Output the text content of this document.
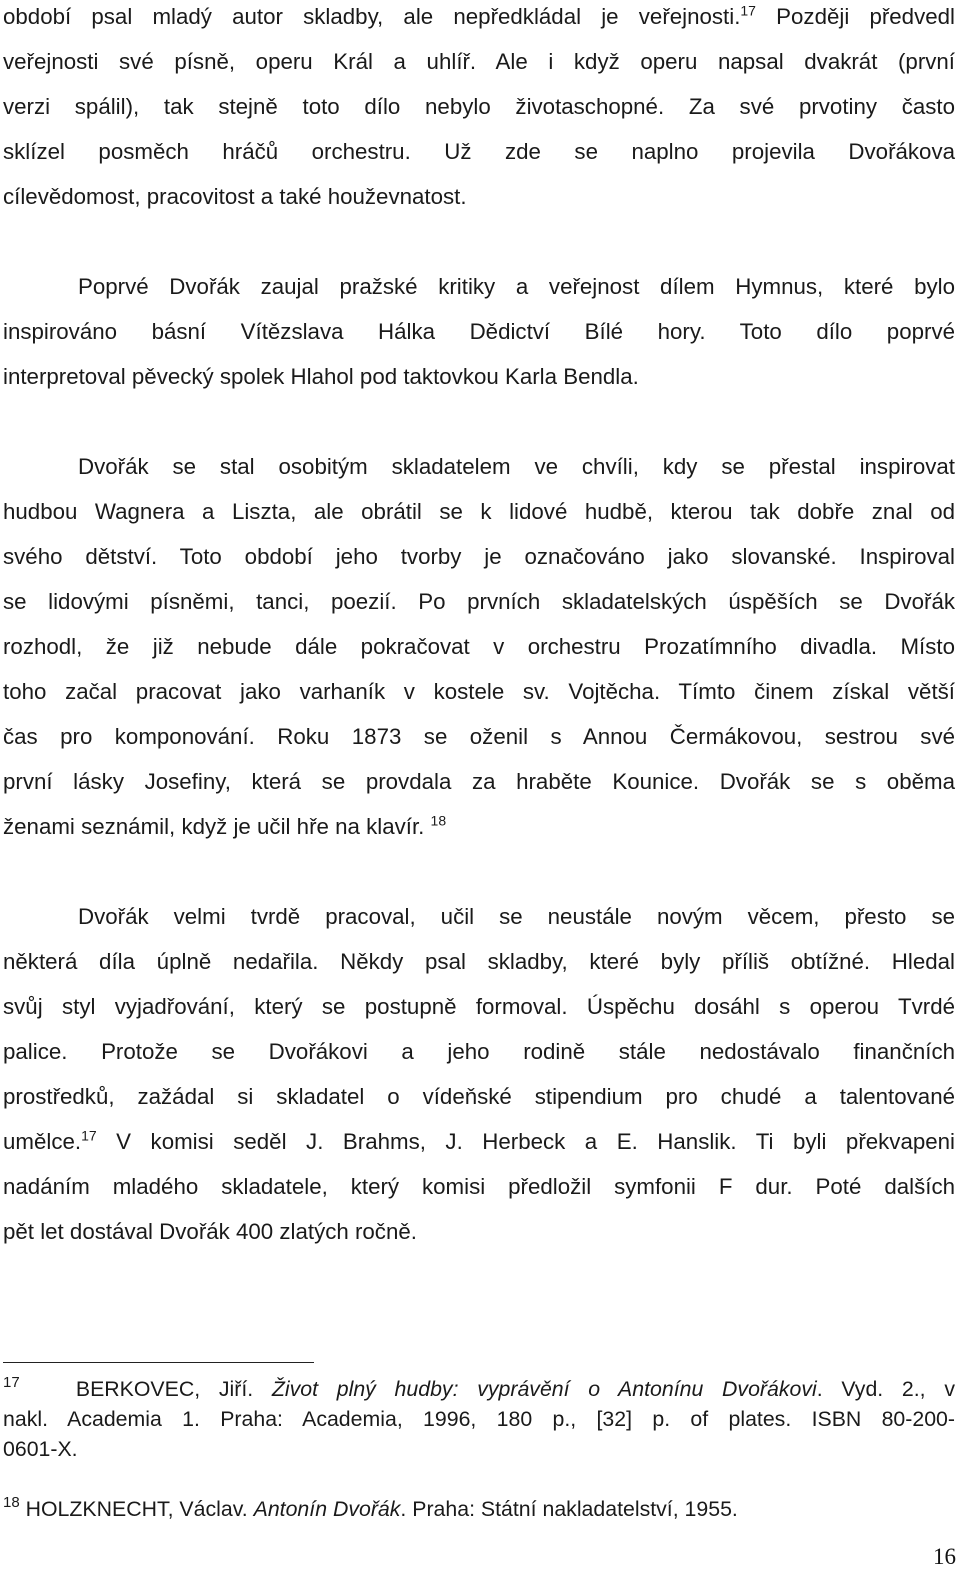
období psal mladý autor skladby, ale nepředkládal je veřejnosti.$^{17}$ Později předvedl
veřejnosti své písně, operu Král a uhlíř. Ale i když operu napsal dvakrát (první
verzi spálil), tak stejně toto dílo nebylo životaschopné. Za své prvotiny často
sklízel posměch hráčů orchestru. Už zde se naplno projevila Dvořákova
cílevědomost, pracovitost a také houževnatost.
Poprvé Dvořák zaujal pražské kritiky a veřejnost dílem Hymnus, které bylo
inspirováno básní Vítězslava Hálka Dědictví Bílé hory. Toto dílo poprvé
interpretoval pěvecký spolek Hlahol pod taktovkou Karla Bendla.
Dvořák se stal osobitým skladatelem ve chvíli, kdy se přestal inspirovat
hudbou Wagnera a Liszta, ale obrátil se k lidové hudbě, kterou tak dobře znal od
svého dětství. Toto období jeho tvorby je označováno jako slovanské. Inspiroval
se lidovými písněmi, tanci, poezií. Po prvních skladatelských úspěších se Dvořák
rozhodl, že již nebude dále pokračovat v orchestru Prozatímního divadla. Místo
toho začal pracovat jako varhaník v kostele sv. Vojtěcha. Tímto činem získal větší
čas pro komponování. Roku 1873 se oženil s Annou Čermákovou, sestrou své
první lásky Josefiny, která se provdala za hraběte Kounice. Dvořák se s oběma
ženami seznámil, když je učil hře na klavír. $^{18}$
Dvořák velmi tvrdě pracoval, učil se neustále novým věcem, přesto se
některá díla úplně nedařila. Někdy psal skladby, které byly příliš obtížné. Hledal
svůj styl vyjadřování, který se postupně formoval. Úspěchu dosáhl s operou Tvrdé
palice. Protože se Dvořákovi a jeho rodině stále nedostávalo finančních
prostředků, zažádal si skladatel o vídeňské stipendium pro chudé a talentované
umělce.$^{17}$ V komisi seděl J. Brahms, J. Herbeck a E. Hanslik. Ti byli překvapeni
nadáním mladého skladatele, který komisi předložil symfonii F dur. Poté dalších
pět let dostával Dvořák 400 zlatých ročně.
$^{17}$	BERKOVEC, Jiří. Život plný hudby: vyprávění o Antonínu Dvořákovi. Vyd. 2., v
nakl. Academia 1. Praha: Academia, 1996, 180 p., [32] p. of plates. ISBN 80-200-
0601-X.
$^{18}$ HOLZKNECHT, Václav. Antonín Dvořák. Praha: Státní nakladatelství, 1955.
16
